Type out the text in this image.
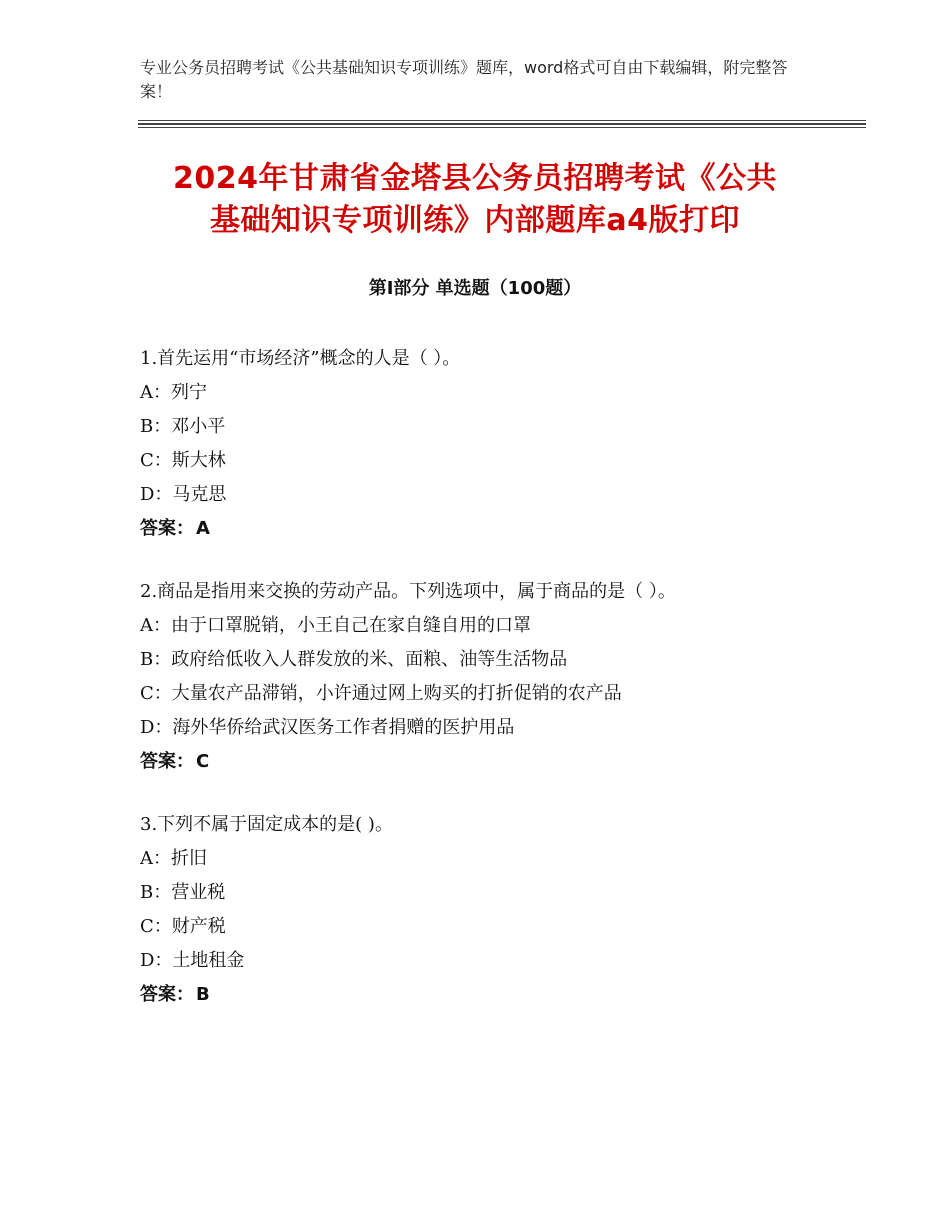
专业公务员招聘考试《公共基础知识专项训练》题库，word格式可自由下载编辑，附完整答案！
2024年甘肃省金塔县公务员招聘考试《公共
基础知识专项训练》内部题库a4版打印
第I部分 单选题（100题）
1.首先运用“市场经济”概念的人是（ ）。
A：列宁
B：邓小平
C：斯大林
D：马克思
答案： A
2.商品是指用来交换的劳动产品。下列选项中，属于商品的是（ ）。
A：由于口罩脱销，小王自己在家自缝自用的口罩
B：政府给低收入人群发放的米、面粮、油等生活物品
C：大量农产品滞销，小许通过网上购买的打折促销的农产品
D：海外华侨给武汉医务工作者捐赠的医护用品
答案： C
3.下列不属于固定成本的是( )。
A：折旧
B：营业税
C：财产税
D：土地租金
答案： B
